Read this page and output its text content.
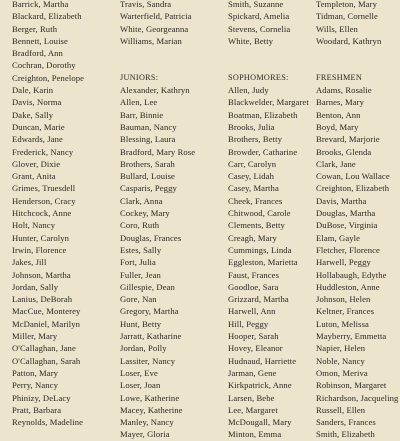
Barrick, Martha
Blackard, Elizabeth
Berger, Ruth
Bennett, Louise
Bradford, Ann
Cochran, Dorothy
Creighton, Penelope
Dale, Karin
Davis, Norma
Dake, Sally
Duncan, Marie
Edwards, Jane
Frederick, Nancy
Glover, Dixie
Grant, Anita
Grimes, Truesdell
Henderson, Cracy
Hitchcock, Anne
Holt, Nancy
Hunter, Carolyn
Irwin, Florence
Jakes, Jill
Johnson, Martha
Jordan, Sally
Lanius, DeBorah
MacCue, Monterey
McDaniel, Marilyn
Miller, Mary
O'Callaghan, Jane
O'Callaghan, Sarah
Patton, Mary
Perry, Nancy
Phinizy, DeLacy
Pratt, Barbara
Reynolds, Madeline
Travis, Sandra
Warterfield, Patricia
White, Georgeanna
Williams, Marian
JUNIORS:
Alexander, Kathryn
Allen, Lee
Barr, Binnie
Bauman, Nancy
Blessing, Laura
Bradford, Mary Rose
Brothers, Sarah
Bullard, Louise
Casparis, Peggy
Clark, Anna
Cockey, Mary
Coro, Ruth
Douglas, Frances
Estes, Sally
Fort, Julia
Fuller, Jean
Gillespie, Dean
Gore, Nan
Gregory, Martha
Hunt, Betty
Jarratt, Katharine
Jordan, Polly
Lassiter, Nancy
Loser, Eve
Loser, Joan
Lowe, Katherine
Macey, Katherine
Manley, Nancy
Mayer, Gloria
Smith, Suzanne
Spickard, Amelia
Stevens, Cornelia
White, Betty
SOPHOMORES:
Allen, Judy
Blackwelder, Margaret
Boatman, Elizabeth
Brooks, Julia
Brothers, Betty
Browder, Catharine
Carr, Carolyn
Casey, Lidah
Casey, Martha
Cheek, Frances
Chitwood, Carole
Clements, Betty
Creagh, Mary
Cummings, Linda
Eggleston, Marietta
Faust, Frances
Goodloe, Sara
Grizzard, Martha
Harwell, Ann
Hill, Peggy
Hooper, Sarah
Hovey, Eleanor
Hudnaud, Harriette
Jarman, Gene
Kirkpatrick, Anne
Larsen, Bebe
Lee, Margaret
McDougall, Mary
Minton, Emma
Templeton, Mary
Tidman, Cornelle
Wills, Ellen
Woodard, Kathryn
FRESHMEN
Adams, Rosalie
Barnes, Mary
Benton, Ann
Boyd, Mary
Brevard, Marjorie
Brooks, Glenda
Clark, Jane
Cowan, Lou Wallace
Creighton, Elizabeth
Davis, Martha
Douglas, Martha
DuBose, Virginia
Elam, Gayle
Fletcher, Florence
Harwell, Peggy
Hollabaugh, Edythe
Huddleston, Anne
Johnson, Helen
Keltner, Frances
Luton, Melissa
Mayberry, Emmetta
Napier, Helen
Noble, Nancy
Omon, Meriva
Robinson, Margaret
Richardson, Jacqueling
Russell, Ellen
Sanders, Frances
Smith, Elizabeth
